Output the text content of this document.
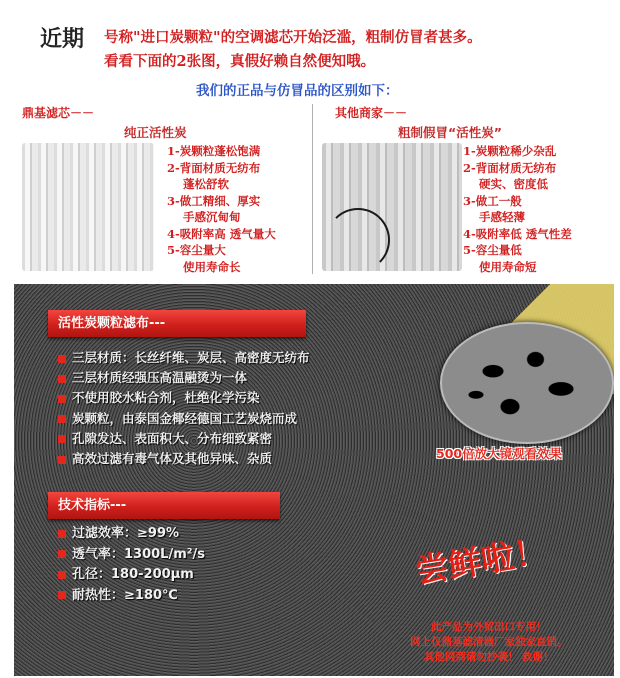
近期 号称"进口炭颗粒"的空调滤芯开始泛滥，粗制仿冒者甚多。
看看下面的2张图，真假好赖自然便知哦。
我们的正品与仿冒品的区别如下：
鼎基滤芯－－
纯正活性炭
其他商家－－
粗制假冒“活性炭”
1-炭颗粒蓬松饱满
2-背面材质无纺布
蓬松舒软
3-做工精细、厚实
手感沉甸甸
4-吸附率高 透气量大
5-容尘量大
使用寿命长
1-炭颗粒稀少杂乱
2-背面材质无纺布
硬实、密度低
3-做工一般
手感轻薄
4-吸附率低 透气性差
5-容尘量低
使用寿命短
活性炭颗粒滤布---
三层材质：长丝纤维、炭层、高密度无纺布
三层材质经强压高温融烫为一体
不使用胶水粘合剂，杜绝化学污染
炭颗粒，由泰国金椰经德国工艺炭烧而成
孔隙发达、表面积大、分布细致紧密
高效过滤有毒气体及其他异味、杂质	500倍放大镜观看效果
技术指标---
过滤效率：≥99%
透气率：1300L/m²/s
孔径：180-200μm
耐热性：≥180℃
尝鲜啦！
此产品为外贸出口专用！
网上仅鼎基滤清器厂家独家直销。
其他网商请勿抄袭！ 救谢！
